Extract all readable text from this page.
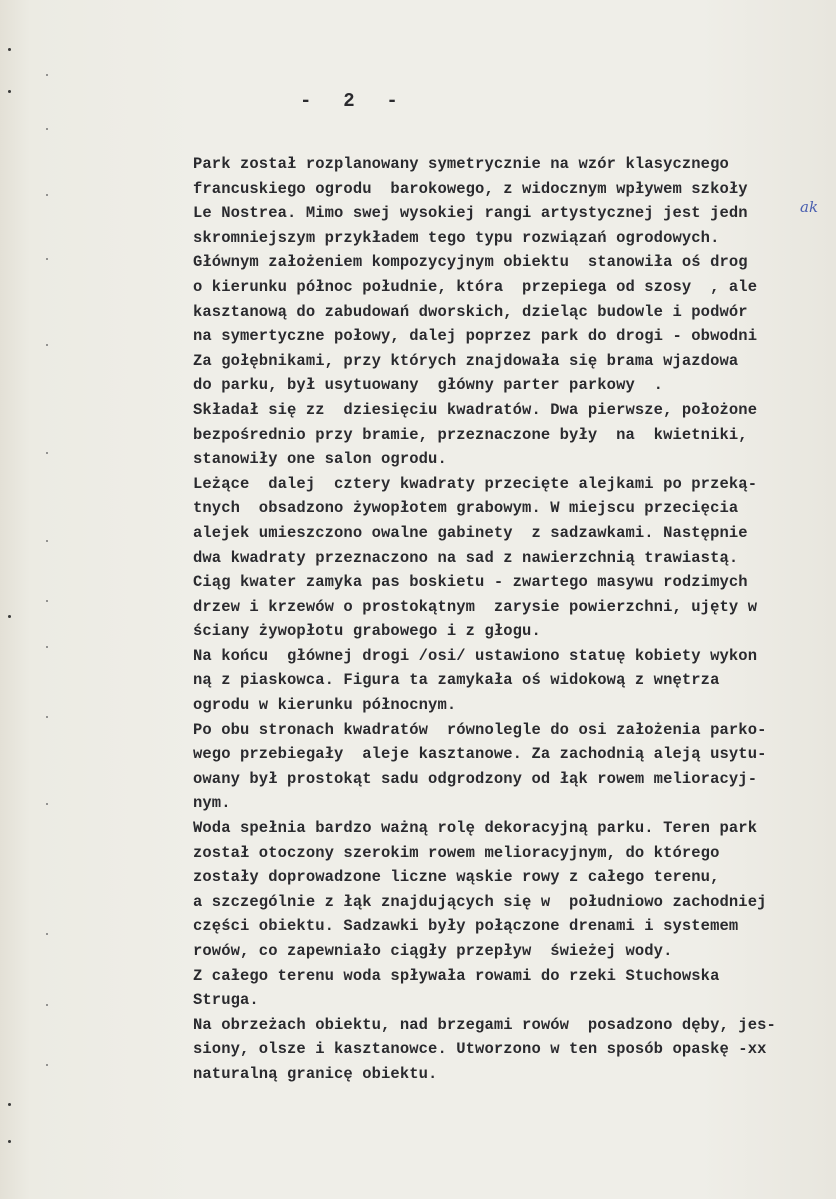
-  2  -
Park został rozplanowany symetrycznie na wzór klasycznego
francuskiego ogrodu  barokowego, z widocznym wpływem szkoły
Le Nostrea. Mimo swej wysokiej rangi artystycznej jest jedn
skromniejszym przykładem tego typu rozwiązań ogrodowych.
Głównym założeniem kompozycyjnym obiektu  stanowiła oś drog
o kierunku północ południe, która  przepiega od szosy  , ale
kasztanową do zabudowań dworskich, dzieląc budowle i podwór
na symertyczne połowy, dalej poprzez park do drogi - obwodni
Za gołębnikami, przy których znajdowała się brama wjazdowa
do parku, był usytuowany  główny parter parkowy  .
Składał się zz  dziesięciu kwadratów. Dwa pierwsze, położone
bezpośrednio przy bramie, przeznaczone były  na  kwietniki,
stanowiły one salon ogrodu.
Leżące  dalej  cztery kwadraty przecięte alejkami po przeką-
tnych  obsadzono żywopłotem grabowym. W miejscu przecięcia
alejek umieszczono owalne gabinety  z sadzawkami. Następnie
dwa kwadraty przeznaczono na sad z nawierzchnią trawiastą.
Ciąg kwater zamyka pas boskietu - zwartego masywu rodzimych
drzew i krzewów o prostokątnym  zarysie powierzchni, ujęty w
ściany żywopłotu grabowego i z głogu.
Na końcu  głównej drogi /osi/ ustawiono statuę kobiety wykon
ną z piaskowca. Figura ta zamykała oś widokową z wnętrza
ogrodu w kierunku północnym.
Po obu stronach kwadratów  równolegle do osi założenia parko-
wego przebiegały  aleje kasztanowe. Za zachodnią aleją usytu-
owany był prostokąt sadu odgrodzony od łąk rowem melioracyj-
nym.
Woda spełnia bardzo ważną rolę dekoracyjną parku. Teren park
został otoczony szerokim rowem melioracyjnym, do którego
zostały doprowadzone liczne wąskie rowy z całego terenu,
a szczególnie z łąk znajdujących się w  południowo zachodniej
części obiektu. Sadzawki były połączone drenami i systemem
rowów, co zapewniało ciągły przepływ  świeżej wody.
Z całego terenu woda spływała rowami do rzeki Stuchowska
Struga.
Na obrzeżach obiektu, nad brzegami rowów  posadzono dęby, jes-
siony, olsze i kasztanowce. Utworzono w ten sposób opaskę -xx
naturalną granicę obiektu.
ak
